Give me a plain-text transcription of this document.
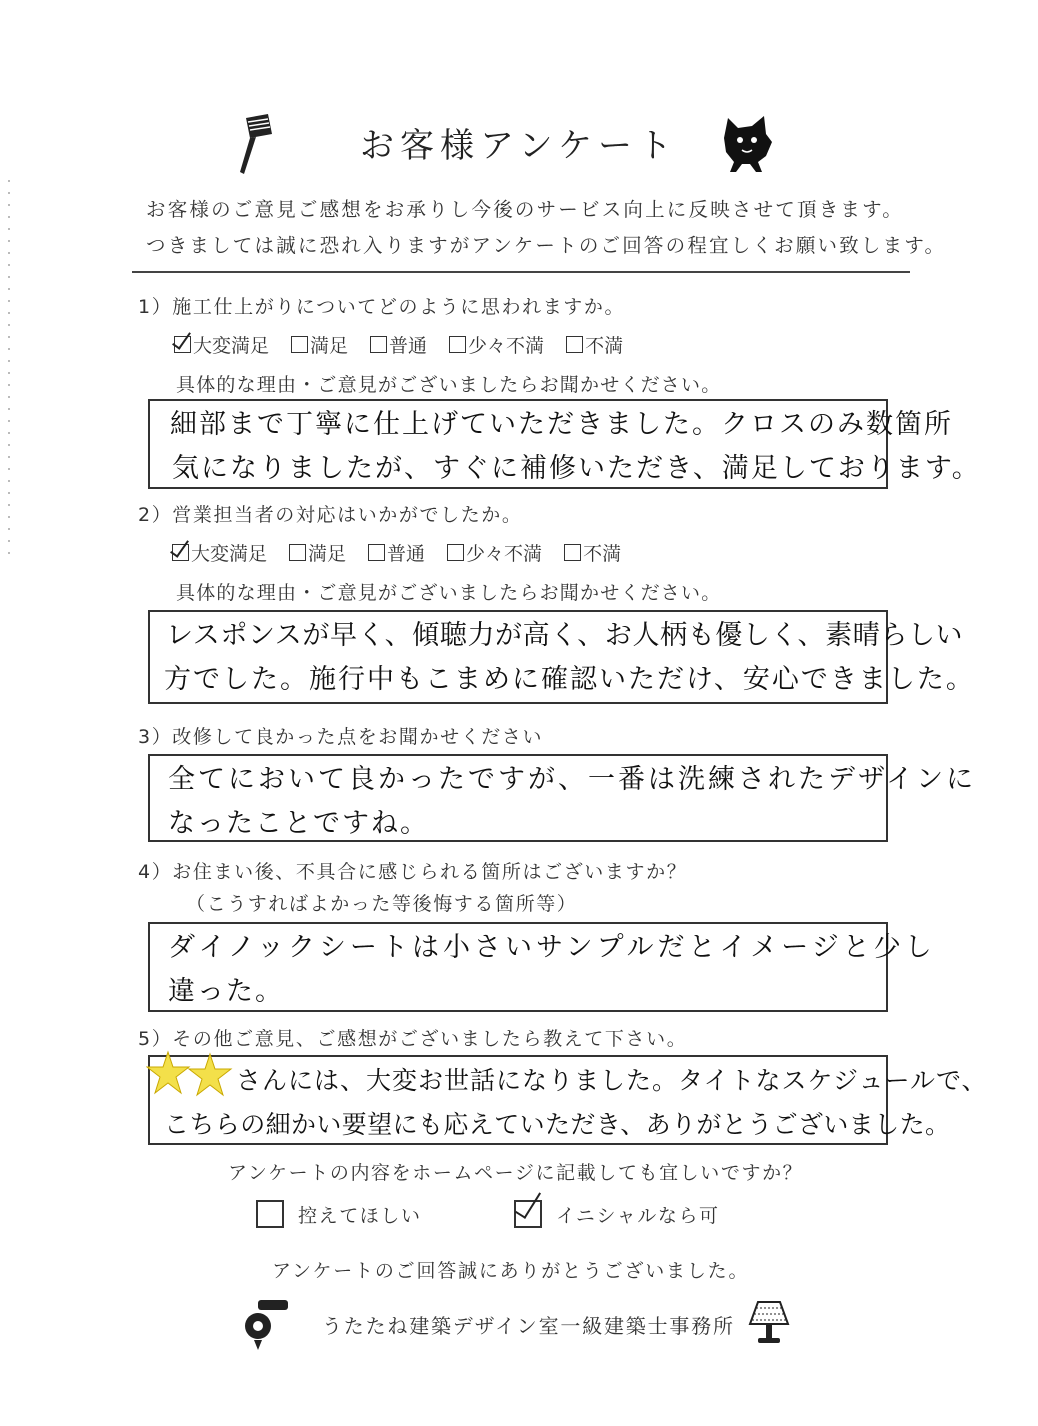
お客様アンケート
お客様のご意見ご感想をお承りし今後のサービス向上に反映させて頂きます。
つきましては誠に恐れ入りますがアンケートのご回答の程宜しくお願い致します。
1）施工仕上がりについてどのように思われますか。
大変満足 満足 普通 少々不満 不満
具体的な理由・ご意見がございましたらお聞かせください。
細部まで丁寧に仕上げていただきました。クロスのみ数箇所
気になりましたが、すぐに補修いただき、満足しております。
2）営業担当者の対応はいかがでしたか。
大変満足 満足 普通 少々不満 不満
具体的な理由・ご意見がございましたらお聞かせください。
レスポンスが早く、傾聴力が高く、お人柄も優しく、素晴らしい
方でした。施行中もこまめに確認いただけ、安心できました。
3）改修して良かった点をお聞かせください
全てにおいて良かったですが、一番は洗練されたデザインに
なったことですね。
4）お住まい後、不具合に感じられる箇所はございますか？
（こうすればよかった等後悔する箇所等）
ダイノックシートは小さいサンプルだとイメージと少し
違った。
5）その他ご意見、ご感想がございましたら教えて下さい。
さんには、大変お世話になりました。タイトなスケジュールで、
こちらの細かい要望にも応えていただき、ありがとうございました。
アンケートの内容をホームページに記載しても宜しいですか？
控えてほしい	イニシャルなら可
アンケートのご回答誠にありがとうございました。
うたたね建築デザイン室一級建築士事務所
